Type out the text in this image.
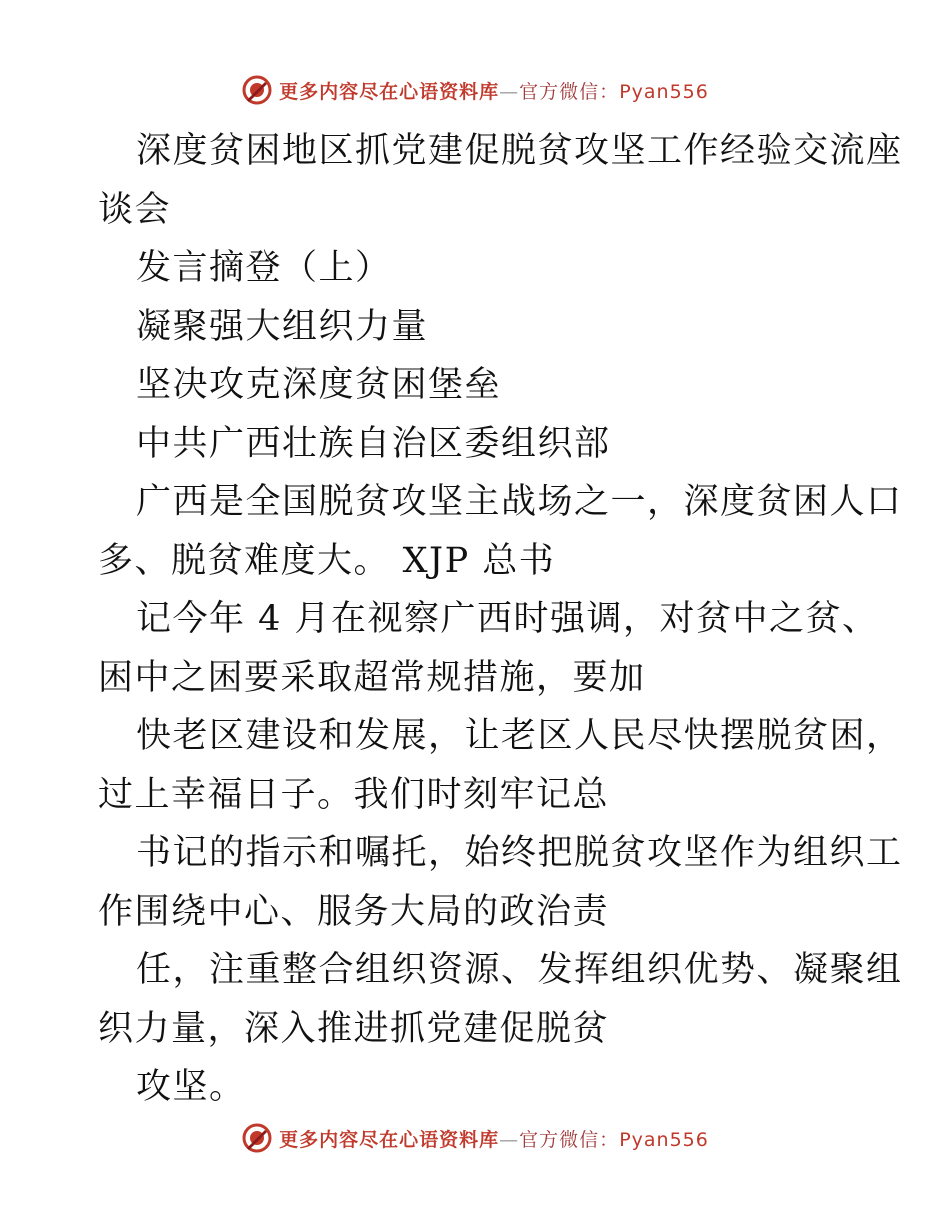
更多内容尽在心语资料库—官方微信：Pyan556
深度贫困地区抓党建促脱贫攻坚工作经验交流座
谈会
发言摘登（上）
凝聚强大组织力量
坚决攻克深度贫困堡垒
中共广西壮族自治区委组织部
广西是全国脱贫攻坚主战场之一，深度贫困人口
多、脱贫难度大。 XJP 总书
记今年 4 月在视察广西时强调，对贫中之贫、
困中之困要采取超常规措施，要加
快老区建设和发展，让老区人民尽快摆脱贫困，
过上幸福日子。我们时刻牢记总
书记的指示和嘱托，始终把脱贫攻坚作为组织工
作围绕中心、服务大局的政治责
任，注重整合组织资源、发挥组织优势、凝聚组
织力量，深入推进抓党建促脱贫
攻坚。
更多内容尽在心语资料库—官方微信：Pyan556
